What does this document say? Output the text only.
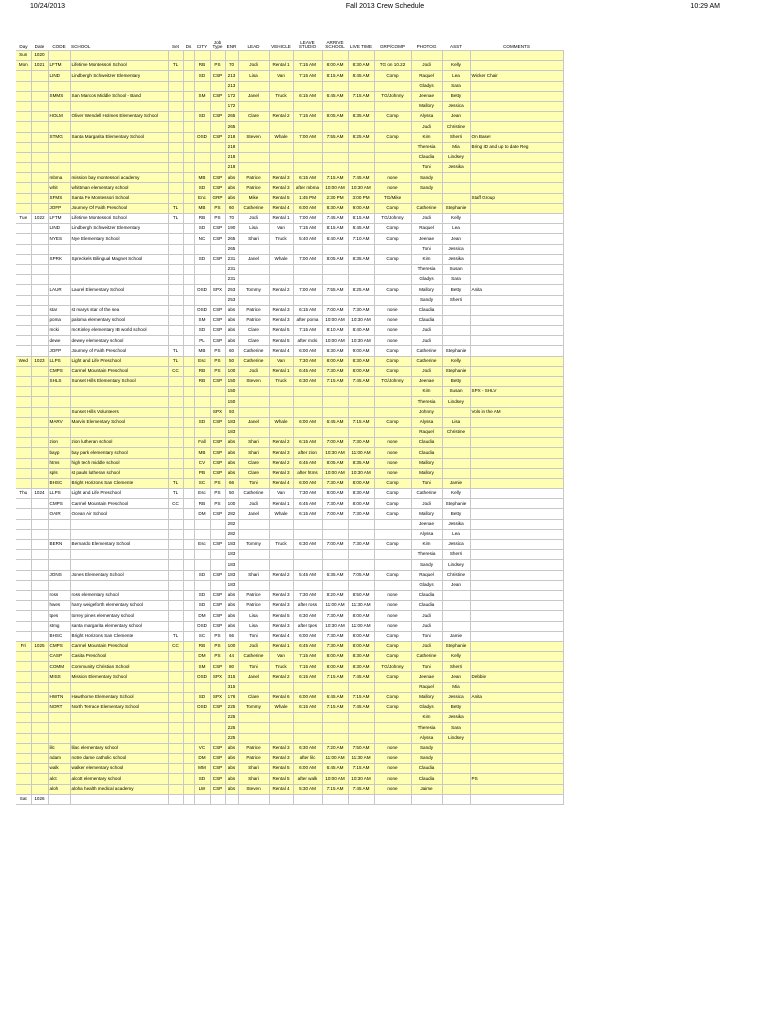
10/24/2013	Fall 2013 Crew Schedule	10:29 AM
Day	Date	CODE	SCHOOL	Set	Ds	CITY	Job Type	ENR	LEAD	VEHICLE	LEAVE STUDIO	ARRIVE SCHOOL	LIVE TIME	GRP/COMP	PHOTOG	ASST	COMMENTS
Sun	1020																
Mon	1021	LFTM	Lifetime Montessori School	TL		RB	PS	70	Jodi	Rental 1	7:15 AM	8:00 AM	8:30 AM	TG on 10.22	Jodi	Kelly	
		LIND	Lindbergh Schweitzer Elementary			SD	CSP	213	Lisa	Van	7:15 AM	8:15 AM	8:45 AM	Comp	Raquel	Lea	Wicker Chair
								213							Gladys	Sara	
		SMMS	San Marcos Middle School - Band			SM	CSP	172	Janel	Truck	6:15 AM	6:45 AM	7:15 AM	TG/Johnny	Jeenae	Betty	
								172							Mallory	Jessica	
		HOLM	Oliver Wendell Holmes Elementary School			SD	CSP	265	Clare	Rental 2	7:15 AM	8:05 AM	8:35 AM	Comp	Alyssa	Jean	
								265							Judi	Christine	
		STMG	Santa Margarita Elementary School			OSD	CSP	218	Steven	Whale	7:00 AM	7:55 AM	8:25 AM	Comp	Kim	Sherri	On Base!
								218							Theresia	Mia	Bring ID and up to date Reg
								218							Claudia	Lindsey	
								218							Toni	Jessika	
		mbma	mission bay montessori academy			MB	CSP	abs	Patrice	Rental 3	6:15 AM	7:15 AM	7:45 AM	none	Sandy		
		whit	whittman elementary school			SD	CSP	abs	Patrice	Rental 3	after mbma	10:00 AM	10:30 AM	none	Sandy		
		SFMS	Santa Fe Montessori School			Enc	GRP	abs	Mike	Rental 5	1:45 PM	2:30 PM	3:00 PM	TG/Mike			Staff Group
		JOFP	Journey Of Faith Preschool	TL		MB	PS	60	Catherine	Rental 4	6:00 AM	8:30 AM	9:00 AM	Comp	Catherine	Stephanie	
Tue	1022	LFTM	Lifetime Montessori School	TL		RB	PS	70	Jodi	Rental 1	7:00 AM	7:45 AM	8:15 AM	TG/Johnny	Jodi	Kelly	
		LIND	Lindbergh Schweitzer Elementary			SD	CSP	190	Lisa	Van	7:15 AM	8:15 AM	8:45 AM	Comp	Raquel	Lea	
		NYES	Nye Elementary School			NC	CSP	265	Shari	Truck	5:40 AM	6:40 AM	7:10 AM	Comp	Jeenae	Jean	
								265							Toni	Jessica	
		SPRK	Spreckels Bilingual Magnet School			SD	CSP	231	Janel	Whale	7:00 AM	8:05 AM	8:35 AM	Comp	Kim	Jessika	
								231							Theresia	Susan	
								231							Gladys	Sara	
		LAUR	Laurel Elementary School			OSD	SPX	253	Tommy	Rental 2	7:00 AM	7:55 AM	8:25 AM	Comp	Mallory	Betty	Anita
								253							Sandy	Sherri	
		star	st marys star of the sea			OSD	CSP	abs	Patrice	Rental 3	6:15 AM	7:00 AM	7:30 AM	none	Claudia		
		poma	paloma elementary school			SM	CSP	abs	Patrice	Rental 3	after poma	10:00 AM	10:30 AM	none	Claudia		
		mcki	mcKinley elementary IB world school			SD	CSP	abs	Clare	Rental 5	7:15 AM	8:10 AM	8:40 AM	none	Judi		
		dewe	dewey elementary school			PL	CSP	abs	Clare	Rental 5	after mcki	10:00 AM	10:30 AM	none	Judi		
		JOFP	Journey of Faith Preschool	TL		MB	PS	60	Catherine	Rental 4	6:00 AM	8:30 AM	9:00 AM	Comp	Catherine	Stephanie	
Wed	1023	LLPS	Light and Life Preschool	TL		Esc	PS	50	Catherine	Van	7:30 AM	8:00 AM	8:30 AM	Comp	Catherine	Kelly	
		CMPS	Carmel Mountain Preschool	CC		RB	PS	100	Jodi	Rental 1	6:45 AM	7:30 AM	8:00 AM	Comp	Jodi	Stephanie	
		SHLS	Sunset Hills Elementary School			RB	CSP	150	Steven	Truck	6:30 AM	7:15 AM	7:45 AM	TG/Johnny	Jeenae	Betty	
								150							Kim	Susan	SPX - SHLV
								150							Theresia	Lindsey	
			Sunset Hills Volunteers				SPX	93							Johnny		Vols in the AM
		MARV	Marvin Elementary School			SD	CSP	183	Janel	Whale	6:00 AM	6:45 AM	7:15 AM	Comp	Alyssa	Lisa	
								183							Raquel	Christine	
		zion	zion lutheran school			Fall	CSP	abs	Shari	Rental 2	6:15 AM	7:00 AM	7:30 AM	none	Claudia		
		bayp	bay park elementary school			MB	CSP	abs	Shari	Rental 3	after zion	10:30 AM	11:00 AM	none	Claudia		
		htms	high tech middle school			CV	CSP	abs	Clare	Rental 2	6:45 AM	8:05 AM	8:35 AM	none	Mallory		
		spls	st pauls lutheran school			PB	CSP	abs	Clare	Rental 3	after htms	10:00 AM	10:30 AM	none	Mallory		
		BHSC	Bright Horizons San Clemente	TL		SC	PS	66	Toni	Rental 4	6:00 AM	7:30 AM	8:00 AM	Comp	Toni	Jamie	
Thu	1024	LLPS	Light and Life Preschool	TL		Esc	PS	50	Catherine	Van	7:30 AM	8:00 AM	8:30 AM	Comp	Catherine	Kelly	
		CMPS	Carmel Mountain Preschool	CC		RB	PS	100	Jodi	Rental 1	6:45 AM	7:30 AM	8:00 AM	Comp	Jodi	Stephanie	
		OAIR	Ocean Air School			DM	CSP	282	Janel	Whale	6:15 AM	7:00 AM	7:30 AM	Comp	Mallory	Betty	
								282							Jeenae	Jessika	
								282							Alyssa	Lea	
		BERN	Bernardo Elementary School			Esc	CSP	183	Tommy	Truck	6:30 AM	7:00 AM	7:30 AM	Comp	Kim	Jessica	
								183							Theresia	Sherri	
								183							Sandy	Lindsey	
		JONS	Jones Elementary School			SD	CSP	183	Shari	Rental 2	5:45 AM	6:35 AM	7:05 AM	Comp	Raquel	Christine	
								183							Gladys	Jean	
		ross	ross elementary school			SD	CSP	abs	Patrice	Rental 3	7:30 AM	8:20 AM	8:50 AM	none	Claudia		
		hwes	harry weigeforth elementary school			SD	CSP	abs	Patrice	Rental 3	after ross	11:00 AM	11:30 AM	none	Claudia		
		tpes	torrey pines elementary school			DM	CSP	abs	Lisa	Rental 5	6:30 AM	7:30 AM	8:00 AM	none	Judi		
		stmg	santa margarita elementary school			OSD	CSP	abs	Lisa	Rental 3	after tpes	10:30 AM	11:00 AM	none	Judi		
		BHSC	Bright Horizons San Clemente	TL		SC	PS	66	Toni	Rental 4	6:00 AM	7:30 AM	8:00 AM	Comp	Toni	Jamie	
Fri	1025	CMPS	Carmel Mountain Preschool	CC		RB	PS	100	Jodi	Rental 1	6:45 AM	7:30 AM	8:00 AM	Comp	Jodi	Stephanie	
		CASP	Casita Preschool			DM	PS	44	Catherine	Van	7:15 AM	8:00 AM	8:30 AM	Comp	Catherine	Kelly	
		COMM	Community Christian School			SM	CSP	80	Toni	Truck	7:15 AM	8:00 AM	8:30 AM	TG/Johnny	Toni	Sherri	
		MISS	Mission Elementary School			OSD	SPX	315	Janel	Rental 2	6:15 AM	7:15 AM	7:45 AM	Comp	Jeenae	Jean	Debbie
								315							Raquel	Mia	
		HWTN	Hawthorne Elementary School			SD	SPX	176	Clare	Rental 6	6:00 AM	6:45 AM	7:15 AM	Comp	Mallory	Jessica	Anita
		NORT	North Terrace Elementary School			OSD	CSP	225	Tommy	Whale	6:15 AM	7:15 AM	7:45 AM	Comp	Gladys	Betty	
								225							Kim	Jessika	
								225							Theresia	Sara	
								225							Alyssa	Lindsey	
		lilc	lilac elementary school			VC	CSP	abs	Patrice	Rental 3	6:30 AM	7:20 AM	7:50 AM	none	Sandy		
		ndam	notre dame catholic school			DM	CSP	abs	Patrice	Rental 3	after lilc	11:00 AM	11:30 AM	none	Sandy		
		walk	walker elementary school			MM	CSP	abs	Shari	Rental 5	6:00 AM	6:45 AM	7:15 AM	none	Claudia		
		alct	alcott elementary school			SD	CSP	abs	Shari	Rental 5	after walk	10:00 AM	10:30 AM	none	Claudia		PS
		aloh	aloha health medical academy			LW	CSP	abs	Steven	Rental 4	5:30 AM	7:15 AM	7:45 AM	none	Jaime		
Sat	1026																
